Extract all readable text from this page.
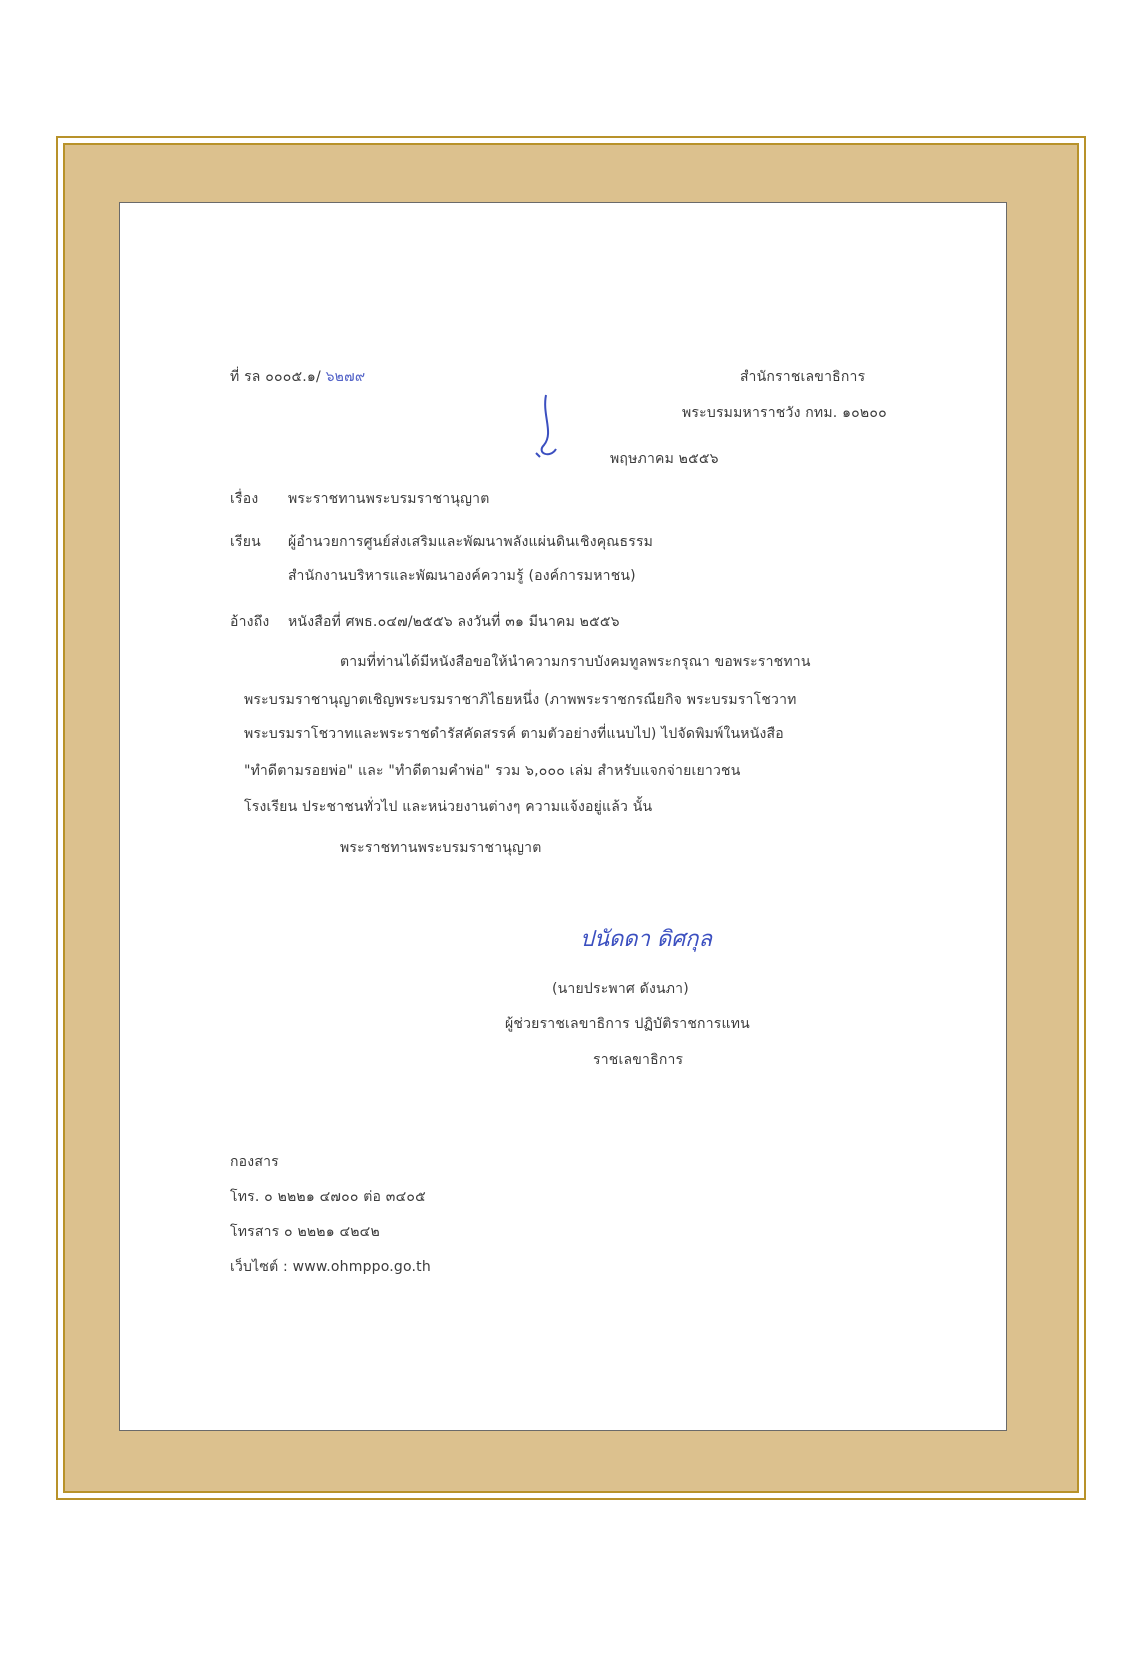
ที่ รล ๐๐๐๕.๑/ ๖๒๗๙	สำนักราชเลขาธิการ
พระบรมมหาราชวัง กทม. ๑๐๒๐๐
พฤษภาคม ๒๕๕๖
เรื่อง พระราชทานพระบรมราชานุญาต
เรียน ผู้อำนวยการศูนย์ส่งเสริมและพัฒนาพลังแผ่นดินเชิงคุณธรรม
สำนักงานบริหารและพัฒนาองค์ความรู้ (องค์การมหาชน)
อ้างถึง หนังสือที่ ศพธ.๐๔๗/๒๕๕๖ ลงวันที่ ๓๑ มีนาคม ๒๕๕๖
ตามที่ท่านได้มีหนังสือขอให้นำความกราบบังคมทูลพระกรุณา ขอพระราชทาน
พระบรมราชานุญาตเชิญพระบรมราชาภิไธยหนึ่ง (ภาพพระราชกรณียกิจ พระบรมราโชวาท
พระบรมราโชวาทและพระราชดำรัสคัดสรรค์ ตามตัวอย่างที่แนบไป) ไปจัดพิมพ์ในหนังสือ
"ทำดีตามรอยพ่อ" และ "ทำดีตามคำพ่อ" รวม ๖,๐๐๐ เล่ม สำหรับแจกจ่ายเยาวชน
โรงเรียน ประชาชนทั่วไป และหน่วยงานต่างๆ ความแจ้งอยู่แล้ว นั้น
พระราชทานพระบรมราชานุญาต
ปนัดดา ดิศกุล
(นายประพาศ ดังนภา)
ผู้ช่วยราชเลขาธิการ ปฏิบัติราชการแทน
ราชเลขาธิการ
กองสาร
โทร. ๐ ๒๒๒๑ ๔๗๐๐ ต่อ ๓๔๐๕
โทรสาร ๐ ๒๒๒๑ ๔๒๔๒
เว็บไซต์ : www.ohmppo.go.th
